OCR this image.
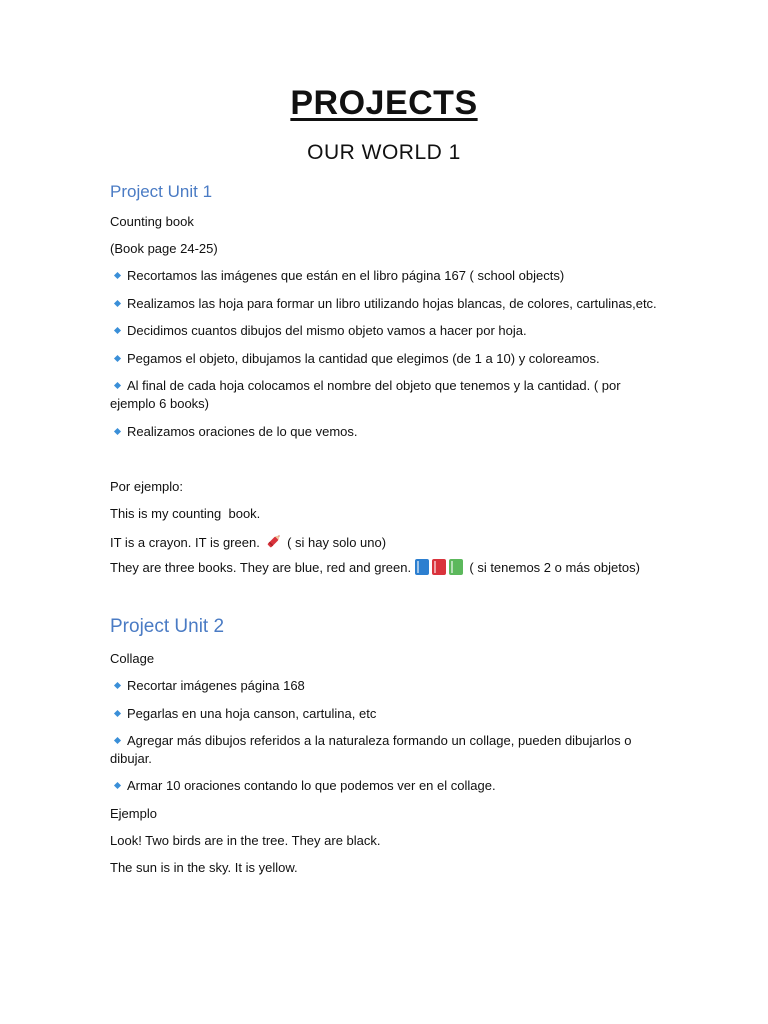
PROJECTS
OUR WORLD 1
Project Unit 1
Counting book
(Book page 24-25)
Recortamos las imágenes que están en el libro página 167 ( school objects)
Realizamos las hoja para formar un libro utilizando hojas blancas, de colores, cartulinas,etc.
Decidimos cuantos dibujos del mismo objeto vamos a hacer por hoja.
Pegamos el objeto, dibujamos la cantidad que elegimos (de 1 a 10) y coloreamos.
Al final de cada hoja colocamos el nombre del objeto que tenemos y la cantidad. ( por ejemplo 6 books)
Realizamos oraciones de lo que vemos.
Por ejemplo:
This is my counting  book.
IT is a crayon. IT is green. ( si hay solo uno)
They are three books. They are blue, red and green.	( si tenemos 2 o más objetos)
Project Unit 2
Collage
Recortar imágenes página 168
Pegarlas en una hoja canson, cartulina, etc
Agregar más dibujos referidos a la naturaleza formando un collage, pueden dibujarlos o dibujar.
Armar 10 oraciones contando lo que podemos ver en el collage.
Ejemplo
Look! Two birds are in the tree. They are black.
The sun is in the sky. It is yellow.
